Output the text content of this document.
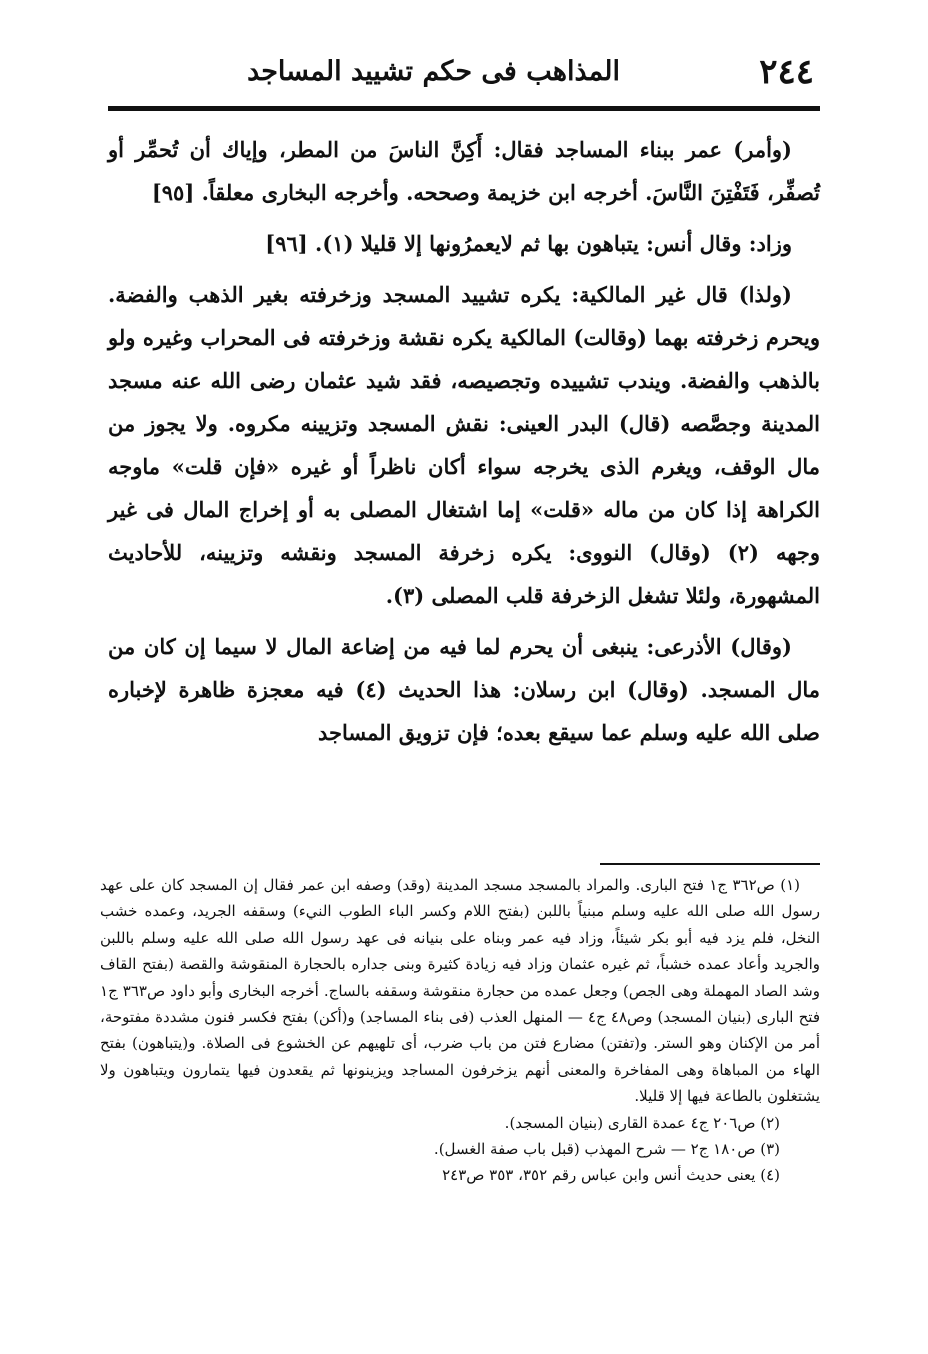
٢٤٤
المذاهب فى حكم تشييد المساجد

(وأمر) عمر ببناء المساجد فقال: أَكِنَّ الناسَ من المطر، وإياك أن تُحمِّر أو تُصفِّر، فَتَفْتِنَ النَّاسَ. أخرجه ابن خزيمة وصححه. وأخرجه البخارى معلقاً. [٩٥]

وزاد: وقال أنس: يتباهون بها ثم لايعمرُونها إلا قليلا (١). [٩٦]

(ولذا) قال غير المالكية: يكره تشييد المسجد وزخرفته بغير الذهب والفضة. ويحرم زخرفته بهما (وقالت) المالكية يكره نقشة وزخرفته فى المحراب وغيره ولو بالذهب والفضة. ويندب تشييده وتجصيصه، فقد شيد عثمان رضى الله عنه مسجد المدينة وجصَّصه (قال) البدر العينى: نقش المسجد وتزيينه مكروه. ولا يجوز من مال الوقف، ويغرم الذى يخرجه سواء أكان ناظراً أو غيره «فإن قلت» ماوجه الكراهة إذا كان من ماله «قلت» إما اشتغال المصلى به أو إخراج المال فى غير وجهه (٢) (وقال) النووى: يكره زخرفة المسجد ونقشه وتزيينه، للأحاديث المشهورة، ولئلا تشغل الزخرفة قلب المصلى (٣).

(وقال) الأذرعى: ينبغى أن يحرم لما فيه من إضاعة المال لا سيما إن كان من مال المسجد. (وقال) ابن رسلان: هذا الحديث (٤) فيه معجزة ظاهرة لإخباره صلى الله عليه وسلم عما سيقع بعده؛ فإن تزويق المساجد

(١) ص٣٦٢ ج١ فتح البارى. والمراد بالمسجد مسجد المدينة (وقد) وصفه ابن عمر فقال إن المسجد كان على عهد رسول الله صلى الله عليه وسلم مبنياً باللبن (بفتح اللام وكسر الباء الطوب النيء) وسقفه الجريد، وعمده خشب النخل، فلم يزد فيه أبو بكر شيئاً، وزاد فيه عمر وبناه على بنيانه فى عهد رسول الله صلى الله عليه وسلم باللبن والجريد وأعاد عمده خشباً، ثم غيره عثمان وزاد فيه زيادة كثيرة وبنى جداره بالحجارة المنقوشة والقصة (بفتح القاف وشد الصاد المهملة وهى الجص) وجعل عمده من حجارة منقوشة وسقفه بالساج. أخرجه البخارى وأبو داود ص٣٦٣ ج١ فتح البارى (بنيان المسجد) وص٤٨ ج٤ — المنهل العذب (فى بناء المساجد) و(أكن) بفتح فكسر فنون مشددة مفتوحة، أمر من الإكنان وهو الستر. و(تفتن) مضارع فتن من باب ضرب، أى تلهيهم عن الخشوع فى الصلاة. و(يتباهون) بفتح الهاء من المباهاة وهى المفاخرة والمعنى أنهم يزخرفون المساجد ويزينونها ثم يقعدون فيها يتمارون ويتباهون ولا يشتغلون بالطاعة فيها إلا قليلا.

(٢) ص٢٠٦ ج٤ عمدة القارى (بنيان المسجد).

(٣) ص١٨٠ ج٢ — شرح المهذب (قبل باب صفة الغسل).

(٤) يعنى حديث أنس وابن عباس رقم ٣٥٢، ٣٥٣ ص٢٤٣
